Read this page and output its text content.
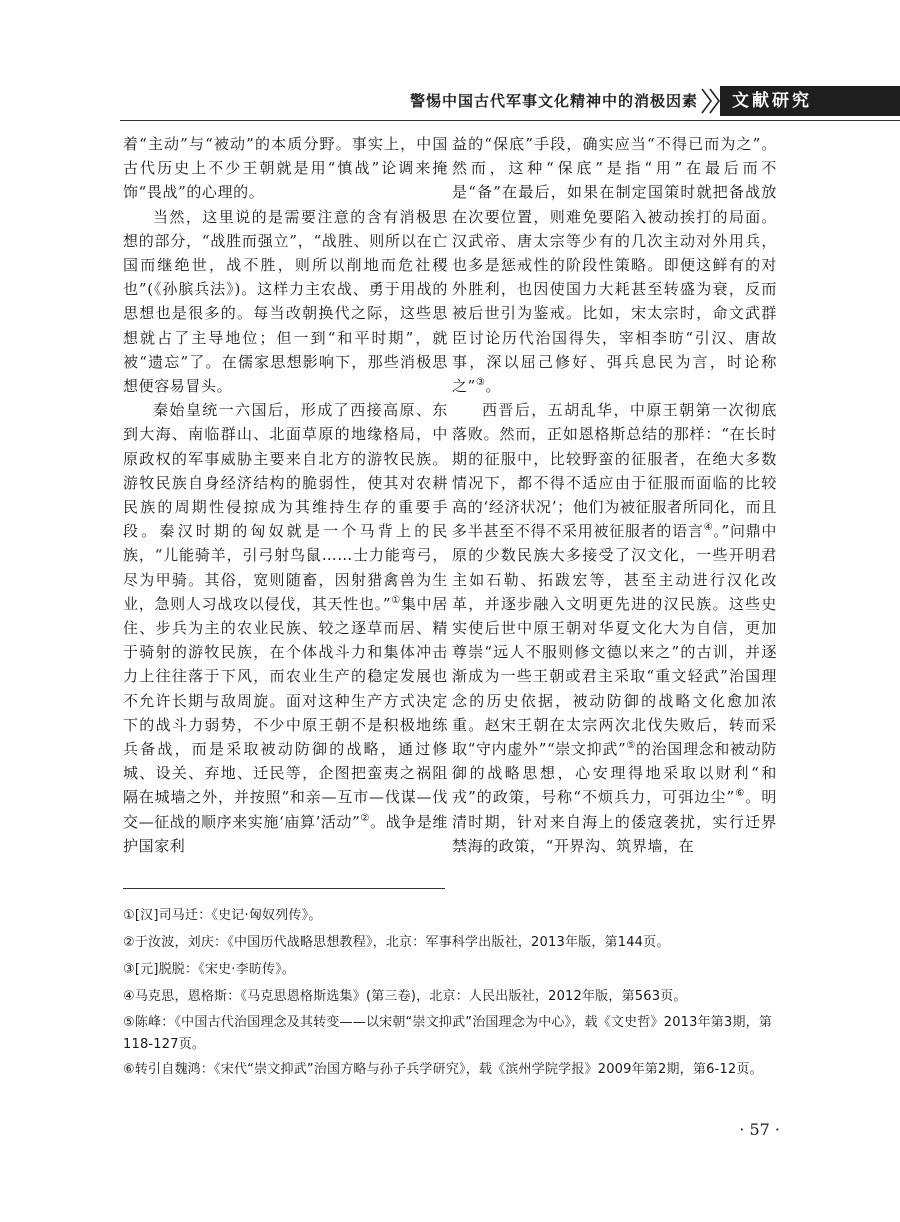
警惕中国古代军事文化精神中的消极因素	文献研究

着“主动”与“被动”的本质分野。事实上，中国古代历史上不少王朝就是用“慎战”论调来掩饰“畏战”的心理的。

当然，这里说的是需要注意的含有消极思想的部分，“战胜而强立”，“战胜、则所以在亡国而继绝世，战不胜，则所以削地而危社稷也”(《孙膑兵法》)。这样力主农战、勇于用战的思想也是很多的。每当改朝换代之际，这些思想就占了主导地位；但一到“和平时期”，就被“遗忘”了。在儒家思想影响下，那些消极思想便容易冒头。

秦始皇统一六国后，形成了西接高原、东到大海、南临群山、北面草原的地缘格局，中原政权的军事威胁主要来自北方的游牧民族。游牧民族自身经济结构的脆弱性，使其对农耕民族的周期性侵掠成为其维持生存的重要手段。秦汉时期的匈奴就是一个马背上的民族，“儿能骑羊，引弓射鸟鼠……士力能弯弓，尽为甲骑。其俗，宽则随畜，因射猎禽兽为生业，急则人习战攻以侵伐，其天性也。”①集中居住、步兵为主的农业民族、较之逐草而居、精于骑射的游牧民族，在个体战斗力和集体冲击力上往往落于下风，而农业生产的稳定发展也不允许长期与敌周旋。面对这种生产方式决定下的战斗力弱势，不少中原王朝不是积极地练兵备战，而是采取被动防御的战略，通过修城、设关、弃地、迁民等，企图把蛮夷之祸阻隔在城墙之外，并按照“和亲—互市—伐谋—伐交—征战的顺序来实施‘庙算’活动”②。战争是维护国家利

益的“保底”手段，确实应当“不得已而为之”。然而，这种“保底”是指“用”在最后而不是“备”在最后，如果在制定国策时就把备战放在次要位置，则难免要陷入被动挨打的局面。汉武帝、唐太宗等少有的几次主动对外用兵，也多是惩戒性的阶段性策略。即便这鲜有的对外胜利，也因使国力大耗甚至转盛为衰，反而被后世引为鉴戒。比如，宋太宗时，命文武群臣讨论历代治国得失，宰相李昉“引汉、唐故事，深以屈己修好、弭兵息民为言，时论称之”③。

西晋后，五胡乱华，中原王朝第一次彻底落败。然而，正如恩格斯总结的那样：“在长时期的征服中，比较野蛮的征服者，在绝大多数情况下，都不得不适应由于征服而面临的比较高的‘经济状况’；他们为被征服者所同化，而且多半甚至不得不采用被征服者的语言④。”问鼎中原的少数民族大多接受了汉文化，一些开明君主如石勒、拓跋宏等，甚至主动进行汉化改革，并逐步融入文明更先进的汉民族。这些史实使后世中原王朝对华夏文化大为自信，更加尊崇“远人不服则修文德以来之”的古训，并逐渐成为一些王朝或君主采取“重文轻武”治国理念的历史依据，被动防御的战略文化愈加浓重。赵宋王朝在太宗两次北伐失败后，转而采取“守内虚外”“崇文抑武”⑤的治国理念和被动防御的战略思想，心安理得地采取以财利“和戎”的政策，号称“不烦兵力，可弭边尘”⑥。明清时期，针对来自海上的倭寇袭扰，实行迁界禁海的政策，“开界沟、筑界墙，在

①[汉]司马迁：《史记·匈奴列传》。
②于汝波，刘庆：《中国历代战略思想教程》，北京：军事科学出版社，2013年版，第144页。
③[元]脱脱：《宋史·李昉传》。
④马克思，恩格斯：《马克思恩格斯选集》(第三卷)，北京：人民出版社，2012年版，第563页。
⑤陈峰：《中国古代治国理念及其转变——以宋朝“崇文抑武”治国理念为中心》，载《文史哲》2013年第3期，第118-127页。
⑥转引自魏鸿：《宋代“崇文抑武”治国方略与孙子兵学研究》，载《滨州学院学报》2009年第2期，第6-12页。
· 57 ·
